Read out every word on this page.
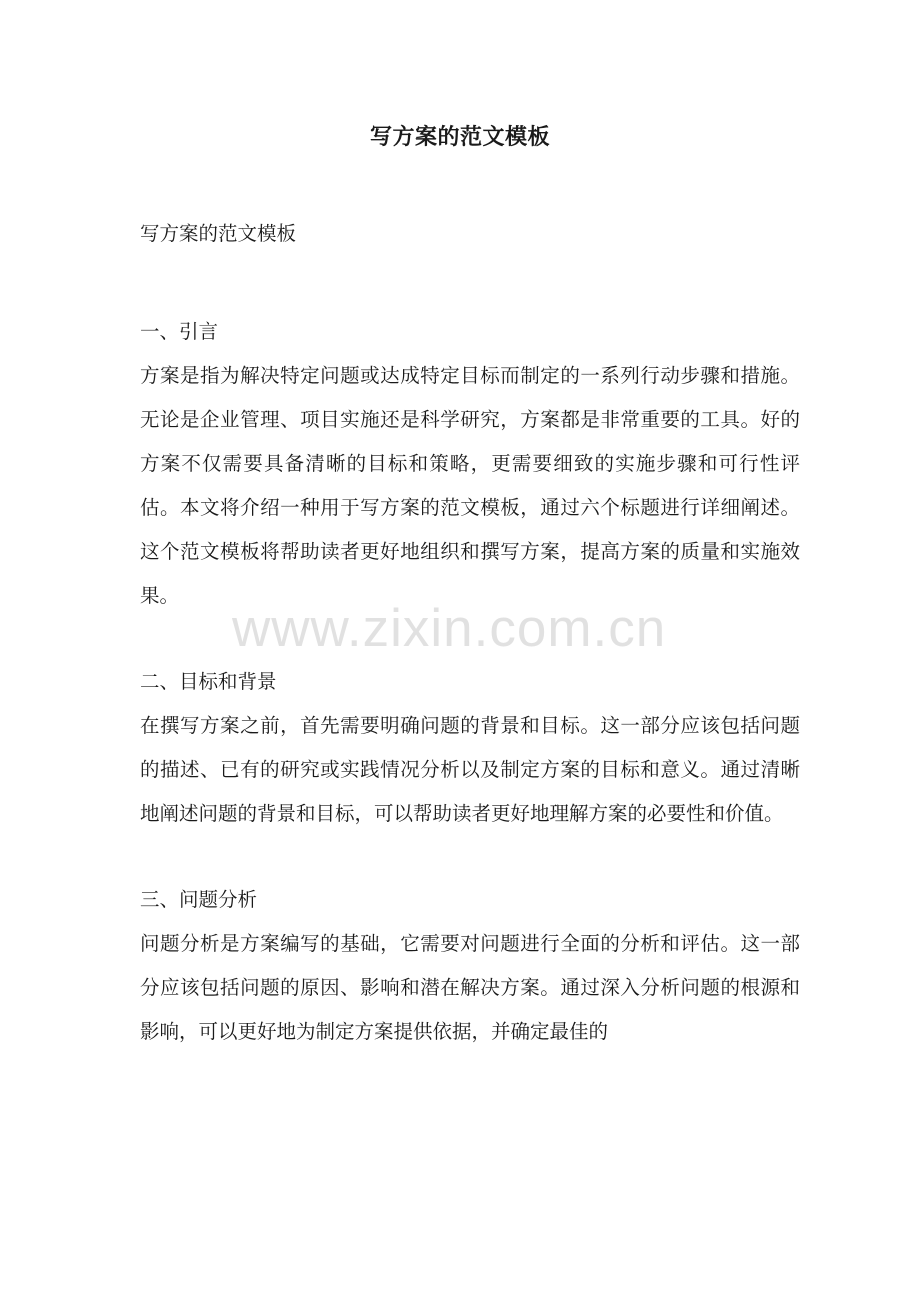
写方案的范文模板

写方案的范文模板

一、引言

方案是指为解决特定问题或达成特定目标而制定的一系列行动步骤和措施。无论是企业管理、项目实施还是科学研究，方案都是非常重要的工具。好的方案不仅需要具备清晰的目标和策略，更需要细致的实施步骤和可行性评估。本文将介绍一种用于写方案的范文模板，通过六个标题进行详细阐述。这个范文模板将帮助读者更好地组织和撰写方案，提高方案的质量和实施效果。

二、目标和背景

在撰写方案之前，首先需要明确问题的背景和目标。这一部分应该包括问题的描述、已有的研究或实践情况分析以及制定方案的目标和意义。通过清晰地阐述问题的背景和目标，可以帮助读者更好地理解方案的必要性和价值。

三、问题分析

问题分析是方案编写的基础，它需要对问题进行全面的分析和评估。这一部分应该包括问题的原因、影响和潜在解决方案。通过深入分析问题的根源和影响，可以更好地为制定方案提供依据，并确定最佳的

www.zixin.com.cn
